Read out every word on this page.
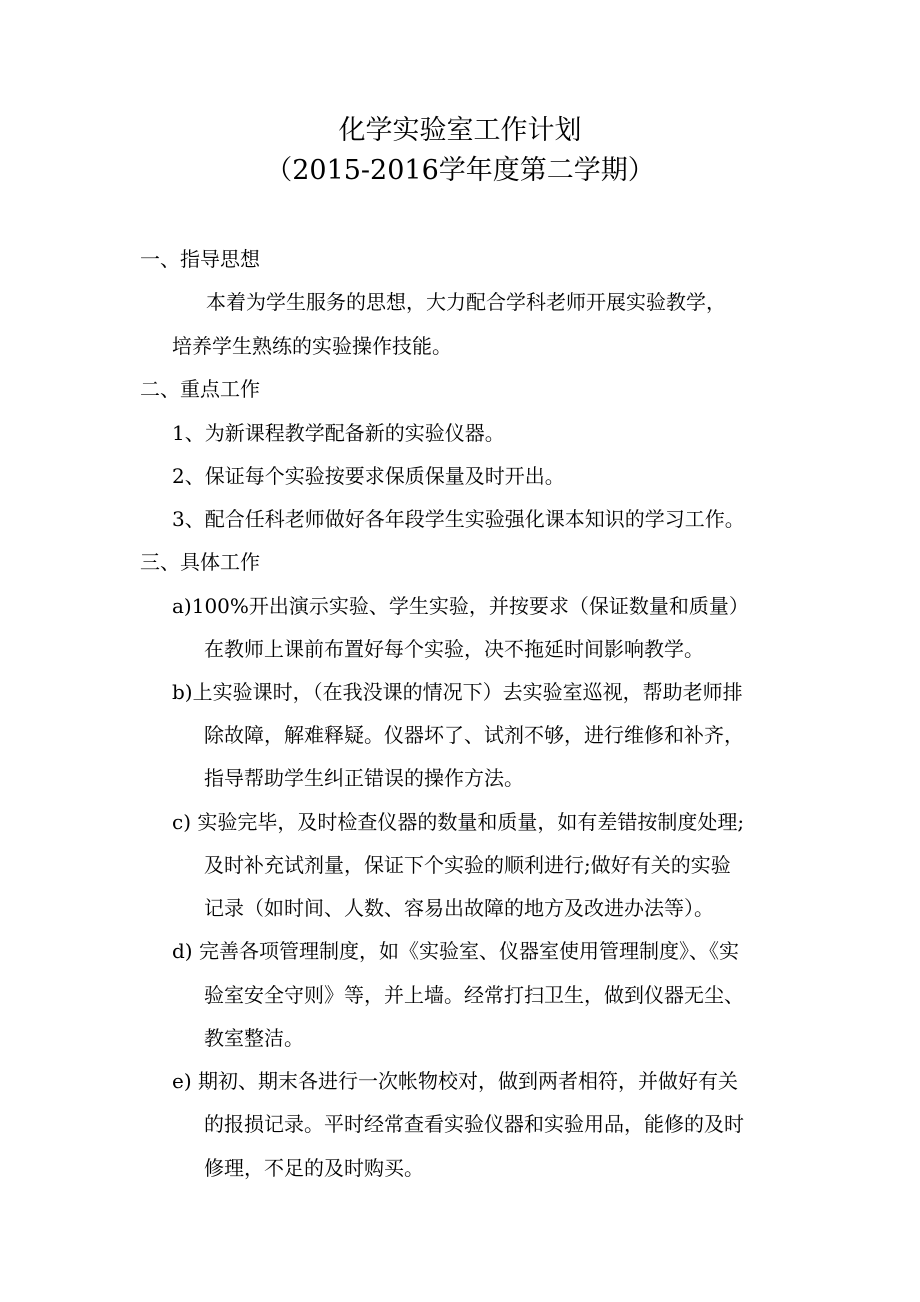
化学实验室工作计划
（2015-2016学年度第二学期）
一、指导思想
本着为学生服务的思想，大力配合学科老师开展实验教学，
培养学生熟练的实验操作技能。
二、重点工作
1、为新课程教学配备新的实验仪器。
2、保证每个实验按要求保质保量及时开出。
3、配合任科老师做好各年段学生实验强化课本知识的学习工作。
三、具体工作
a)100%开出演示实验、学生实验，并按要求（保证数量和质量）
在教师上课前布置好每个实验，决不拖延时间影响教学。
b)上实验课时，（在我没课的情况下）去实验室巡视，帮助老师排
除故障，解难释疑。仪器坏了、试剂不够，进行维修和补齐，
指导帮助学生纠正错误的操作方法。
c) 实验完毕，及时检查仪器的数量和质量，如有差错按制度处理;
及时补充试剂量，保证下个实验的顺利进行;做好有关的实验
记录（如时间、人数、容易出故障的地方及改进办法等）。
d) 完善各项管理制度，如《实验室、仪器室使用管理制度》、《实
验室安全守则》等，并上墙。经常打扫卫生，做到仪器无尘、
教室整洁。
e) 期初、期末各进行一次帐物校对，做到两者相符，并做好有关
的报损记录。平时经常查看实验仪器和实验用品，能修的及时
修理，不足的及时购买。
